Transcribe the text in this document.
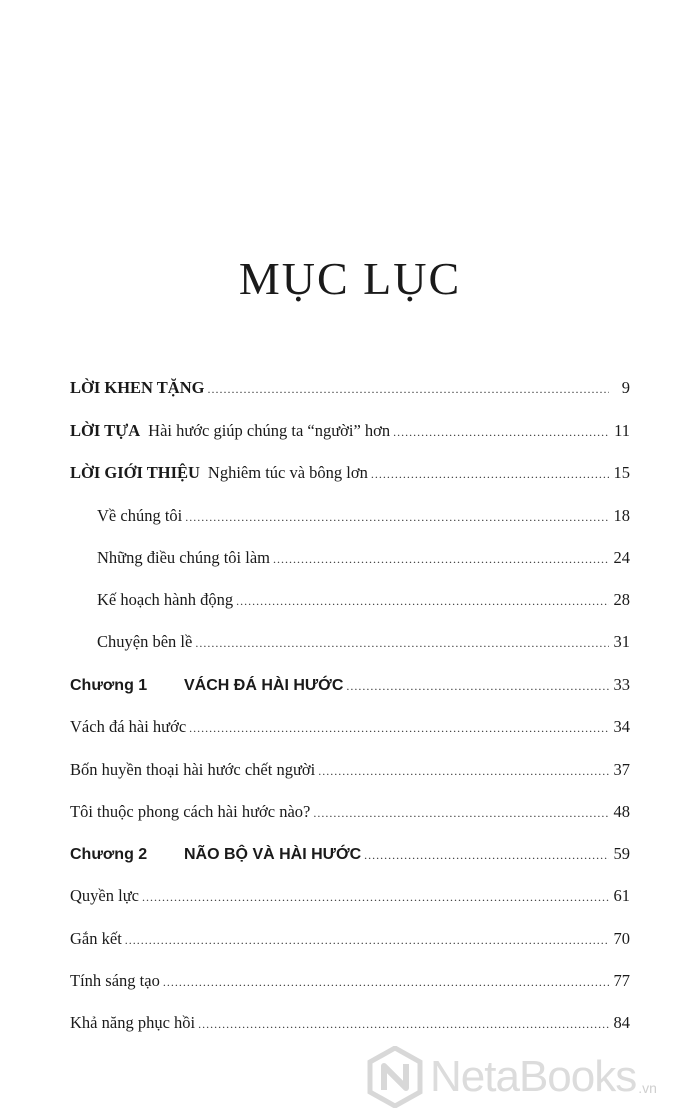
MỤC LỤC
LỜI KHEN TẶNG .....	9
LỜI TỰA Hài hước giúp chúng ta “người” hơn .....	11
LỜI GIỚI THIỆU Nghiêm túc và bông lơn .....	15
Về chúng tôi .....	18
Những điều chúng tôi làm .....	24
Kế hoạch hành động .....	28
Chuyện bên lề .....	31
Chương 1	VÁCH ĐÁ HÀI HƯỚC .....	33
Vách đá hài hước .....	34
Bốn huyền thoại hài hước chết người .....	37
Tôi thuộc phong cách hài hước nào? .....	48
Chương 2	NÃO BỘ VÀ HÀI HƯỚC .....	59
Quyền lực .....	61
Gắn kết .....	70
Tính sáng tạo .....	77
Khả năng phục hồi .....	84
NetaBooks .vn
